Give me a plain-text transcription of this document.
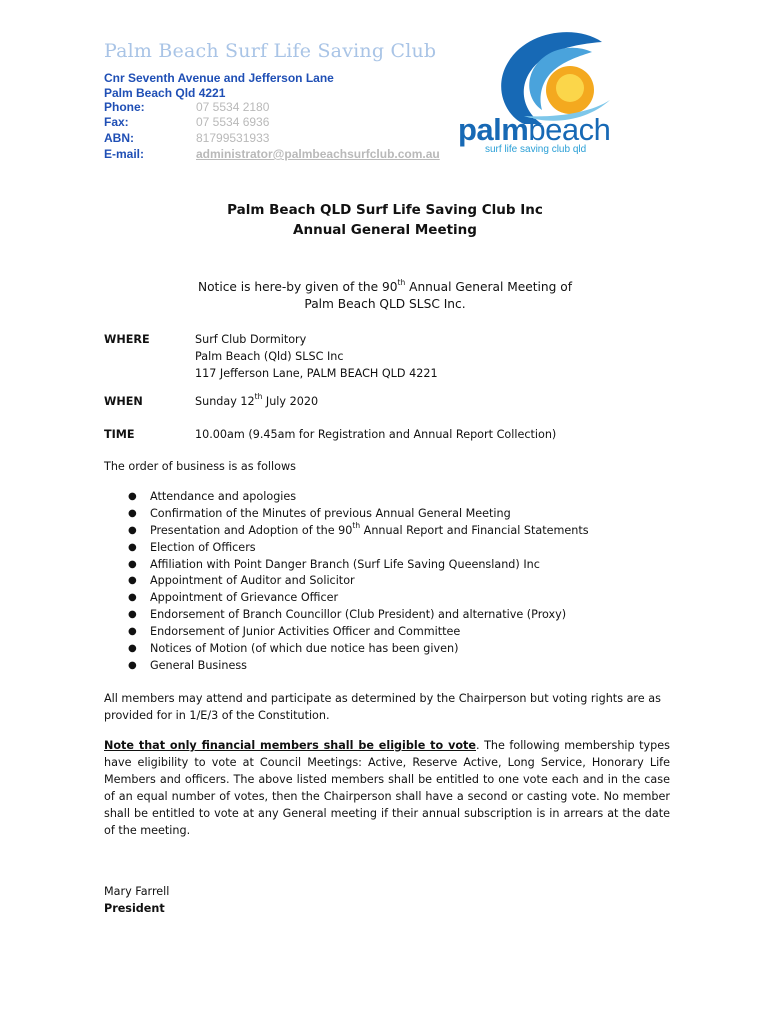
Palm Beach Surf Life Saving Club
Cnr Seventh Avenue and Jefferson Lane
Palm Beach Qld 4221
Phone:	07 5534 2180
Fax:	07 5534 6936
ABN:	81799531933
E-mail:	administrator@palmbeachsurfclub.com.au
palmbeach
surf life saving club qld
Palm Beach QLD Surf Life Saving Club Inc
Annual General Meeting
Notice is here-by given of the 90th Annual General Meeting of
Palm Beach QLD SLSC Inc.
WHERE	Surf Club Dormitory
Palm Beach (Qld) SLSC Inc
117 Jefferson Lane, PALM BEACH QLD 4221
WHEN	Sunday 12th July 2020
TIME	10.00am (9.45am for Registration and Annual Report Collection)
The order of business is as follows
● Attendance and apologies
● Confirmation of the Minutes of previous Annual General Meeting
● Presentation and Adoption of the 90th Annual Report and Financial Statements
● Election of Officers
● Affiliation with Point Danger Branch (Surf Life Saving Queensland) Inc
● Appointment of Auditor and Solicitor
● Appointment of Grievance Officer
● Endorsement of Branch Councillor (Club President) and alternative (Proxy)
● Endorsement of Junior Activities Officer and Committee
● Notices of Motion (of which due notice has been given)
● General Business
All members may attend and participate as determined by the Chairperson but voting rights are as provided for in 1/E/3 of the Constitution.
Note that only financial members shall be eligible to vote. The following membership types have eligibility to vote at Council Meetings: Active, Reserve Active, Long Service, Honorary Life Members and officers. The above listed members shall be entitled to one vote each and in the case of an equal number of votes, then the Chairperson shall have a second or casting vote. No member shall be entitled to vote at any General meeting if their annual subscription is in arrears at the date of the meeting.
Mary Farrell
President
